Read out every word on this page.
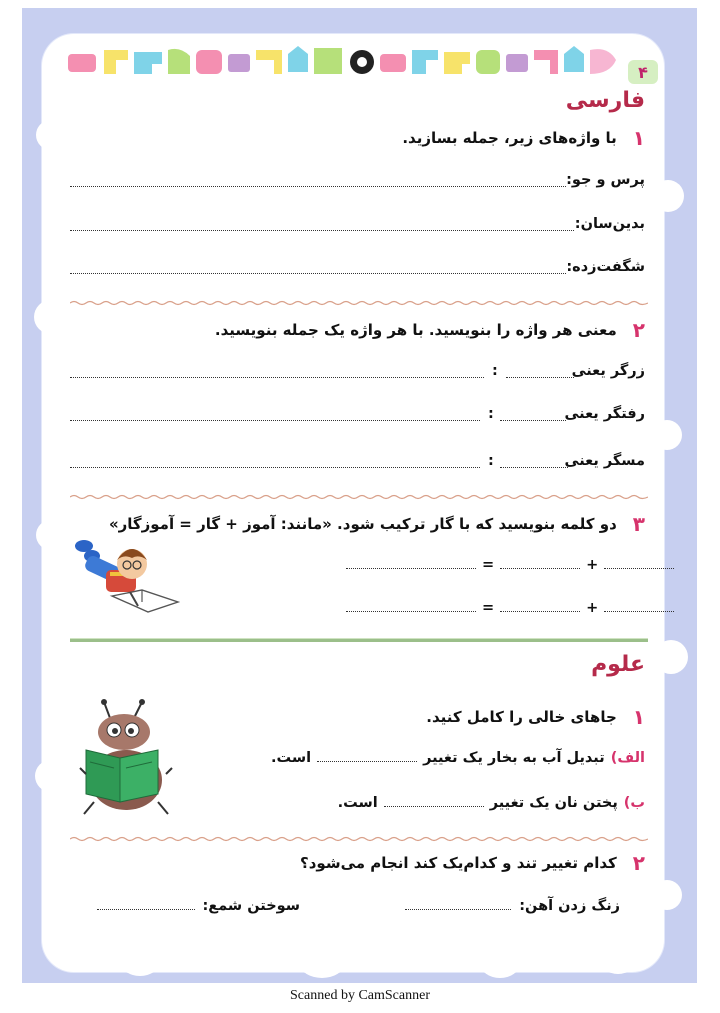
۴
فارسی
۱
با واژه‌های زیر، جمله بسازید.
پرس و جو:
بدین‌سان:
شگفت‌زده:
۲
معنی هر واژه را بنویسید. با هر واژه یک جمله بنویسید.
زرگر یعنی
:
رفتگر یعنی
:
مسگر یعنی
:
۳
دو کلمه بنویسید که با گار ترکیب شود. «مانند: آموز + گار = آموزگار»
=	+
=	+
علوم
۱
جاهای خالی را کامل کنید.
الف)
تبدیل آب به بخار یک تغییر
است.
ب)
پختن نان یک تغییر
است.
۲
کدام تغییر تند و کدام‌یک کند انجام می‌شود؟
زنگ زدن آهن:
سوختن شمع:
Scanned by CamScanner
